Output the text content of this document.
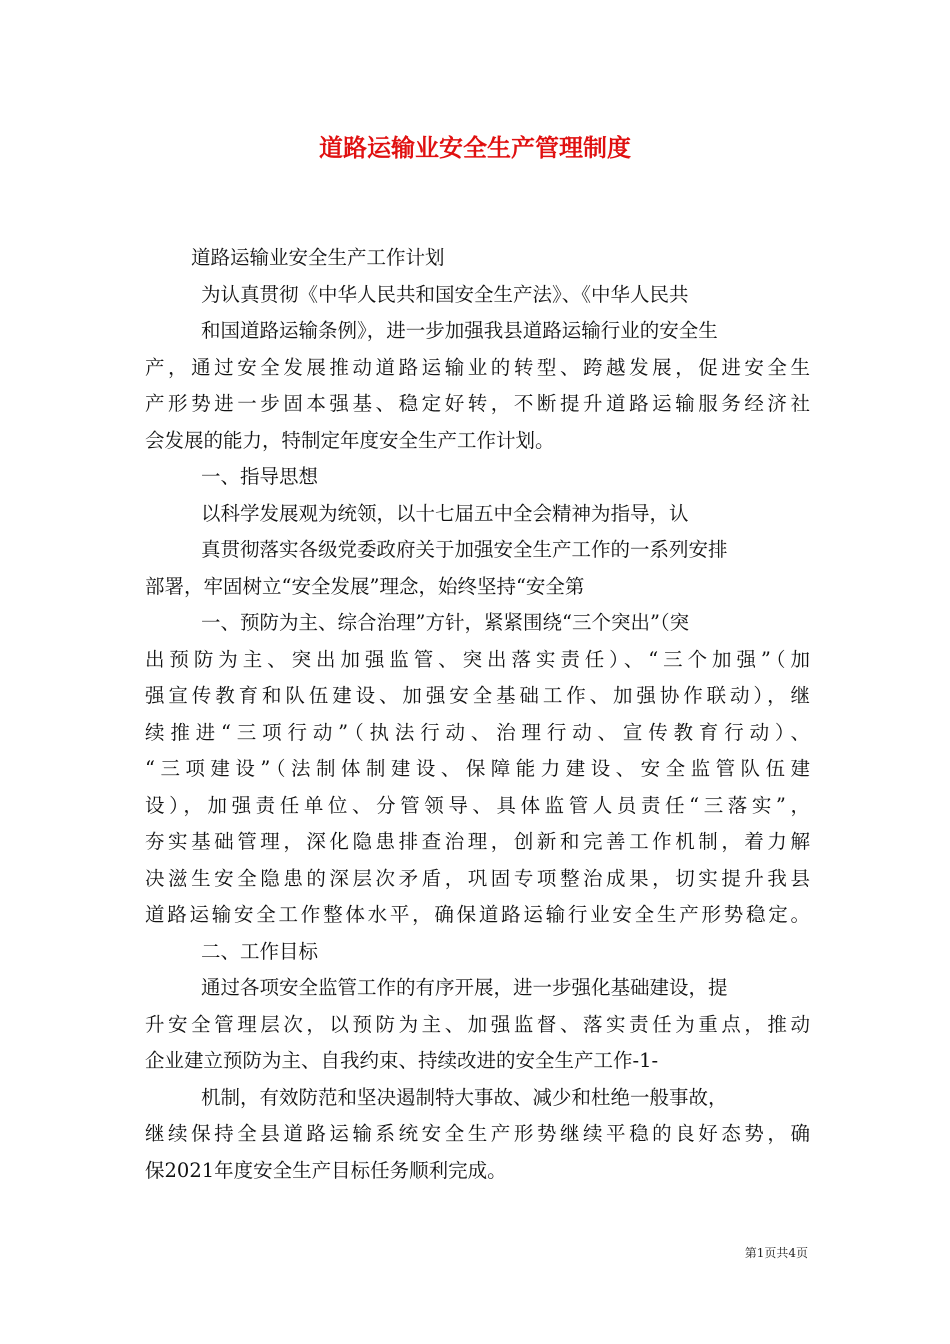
道路运输业安全生产管理制度
道路运输业安全生产工作计划
为认真贯彻《中华人民共和国安全生产法》、《中华人民共
和国道路运输条例》，进一步加强我县道路运输行业的安全生
产，通过安全发展推动道路运输业的转型、跨越发展，促进安全生
产形势进一步固本强基、稳定好转，不断提升道路运输服务经济社
会发展的能力，特制定年度安全生产工作计划。
一、指导思想
以科学发展观为统领，以十七届五中全会精神为指导，认
真贯彻落实各级党委政府关于加强安全生产工作的一系列安排
部署，牢固树立“安全发展”理念，始终坚持“安全第
一、预防为主、综合治理”方针，紧紧围绕“三个突出”（突
出预防为主、突出加强监管、突出落实责任）、“三个加强”（加
强宣传教育和队伍建设、加强安全基础工作、加强协作联动），继
续推进“三项行动”（执法行动、治理行动、宣传教育行动）、
“三项建设”（法制体制建设、保障能力建设、安全监管队伍建
设），加强责任单位、分管领导、具体监管人员责任“三落实”，
夯实基础管理，深化隐患排查治理，创新和完善工作机制，着力解
决滋生安全隐患的深层次矛盾，巩固专项整治成果，切实提升我县
道路运输安全工作整体水平，确保道路运输行业安全生产形势稳定。
二、工作目标
通过各项安全监管工作的有序开展，进一步强化基础建设，提
升安全管理层次，以预防为主、加强监督、落实责任为重点，推动
企业建立预防为主、自我约束、持续改进的安全生产工作-1-
机制，有效防范和坚决遏制特大事故、减少和杜绝一般事故，
继续保持全县道路运输系统安全生产形势继续平稳的良好态势，确
保2021年度安全生产目标任务顺利完成。
第1页共4页
